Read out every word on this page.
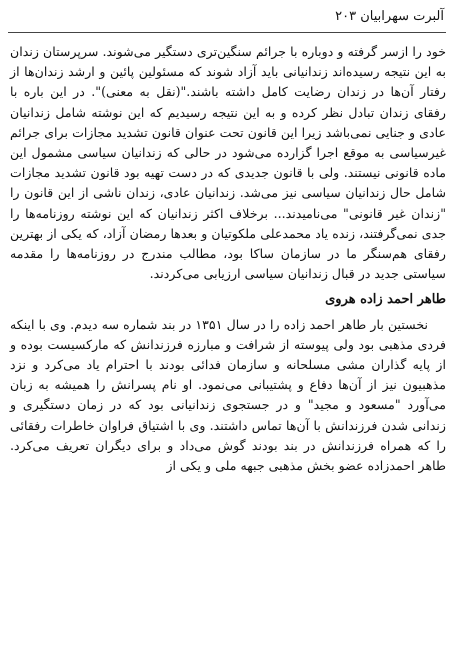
آلبرت سهرابیان ۲۰۳

خود را ازسر گرفته و دوباره با جرائم سنگین‌تری دستگیر می‌شوند. سرپرستان زندان به این نتیجه رسیده‌اند زندانیانی باید آزاد شوند که مسئولین پائین و ارشد زندان‌ها از رفتار آن‌ها در زندان رضایت کامل داشته باشند."(نقل به معنی)". در این باره با رفقای زندان تبادل نظر کرده و به این نتیجه رسیدیم که این نوشته شامل زندانیان عادی و جنایی نمی‌باشد زیرا این قانون تحت عنوان قانون تشدید مجازات برای جرائم غیرسیاسی به موقع اجرا گزارده می‌شود در حالی که زندانیان سیاسی مشمول این ماده قانونی نیستند. ولی با قانون جدیدی که در دست تهیه بود قانون تشدید مجازات شامل حال زندانیان سیاسی نیز می‌شد. زندانیان عادی، زندان ناشی از این قانون را "زندان غیر قانونی" می‌نامیدند... برخلاف اکثر زندانیان که این نوشته روزنامه‌ها را جدی نمی‌گرفتند، زنده یاد محمدعلی ملکوتیان و بعدها رمضان آزاد، که یکی از بهترین رفقای هم‌سنگر ما در سازمان ساکا بود، مطالب مندرج در روزنامه‌ها را مقدمه سیاستی جدید در قبال زندانیان سیاسی ارزیابی می‌کردند.

طاهر احمد زاده هروی

نخستین بار طاهر احمد زاده را در سال ۱۳۵۱ در بند شماره سه دیدم. وی با اینکه فردی مذهبی بود ولی پیوسته از شرافت و مبارزه فرزندانش که مارکسیست بوده و از پایه گذاران مشی مسلحانه و سازمان فدائی بودند با احترام یاد می‌کرد و نزد مذهبیون نیز از آن‌ها دفاع و پشتیبانی می‌نمود. او نام پسرانش را همیشه به زبان می‌آورد "مسعود و مجید" و در جستجوی زندانیانی بود که در زمان دستگیری و زندانی شدن فرزندانش با آن‌ها تماس داشتند. وی با اشتیاق فراوان خاطرات رفقائی را که همراه فرزندانش در بند بودند گوش می‌داد و برای دیگران تعریف می‌کرد. طاهر احمدزاده عضو بخش مذهبی جبهه ملی و یکی از
